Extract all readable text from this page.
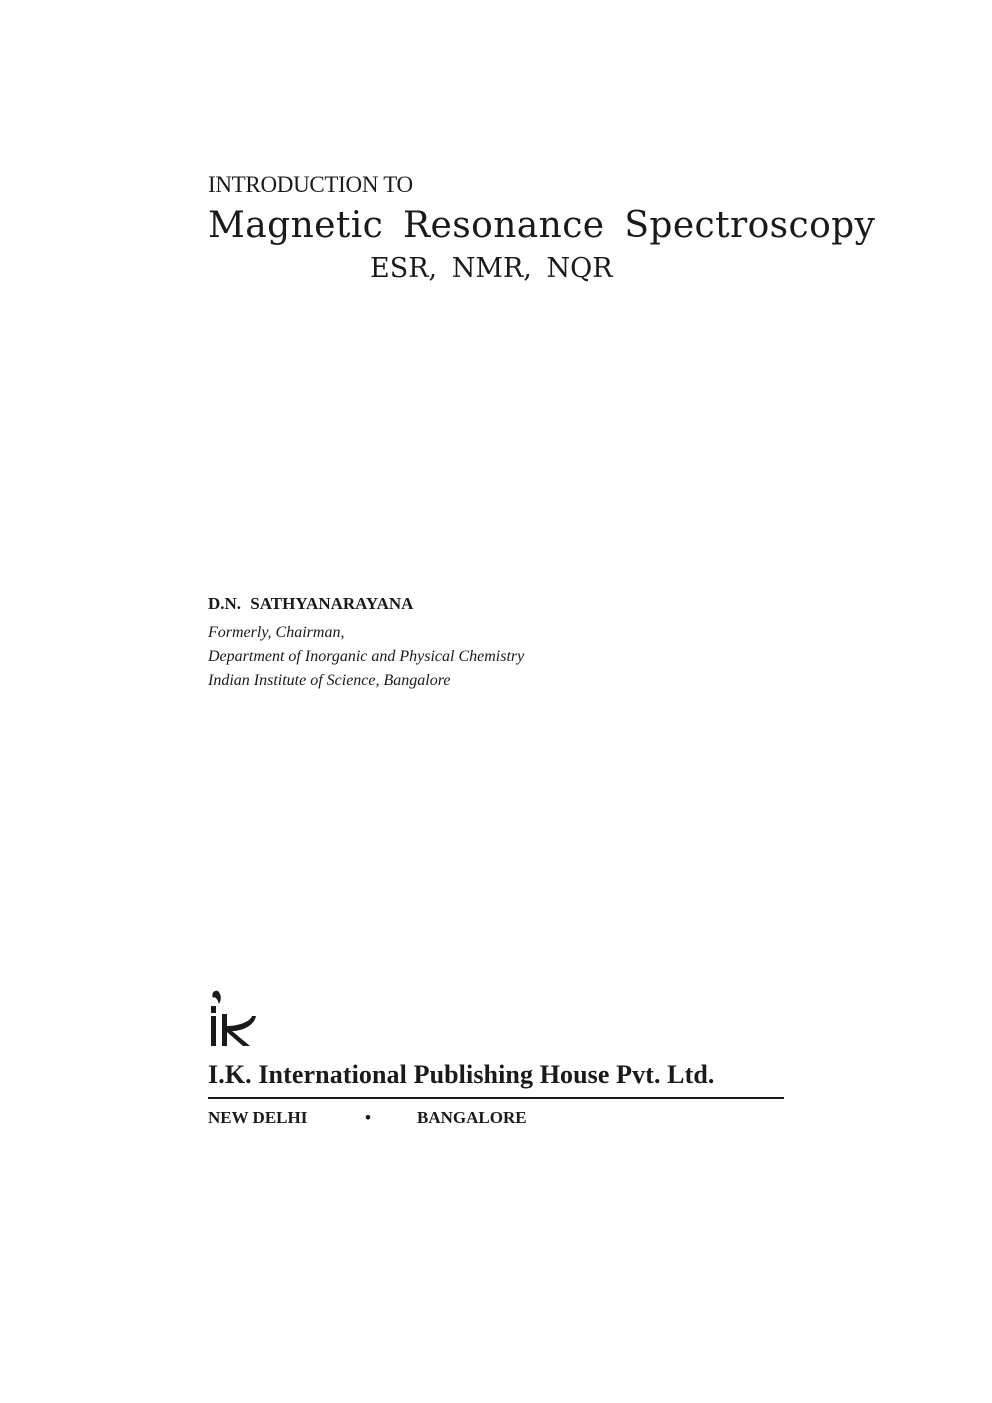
INTRODUCTION TO
Magnetic Resonance Spectroscopy
ESR, NMR, NQR
D.N. SATHYANARAYANA
Formerly, Chairman,
Department of Inorganic and Physical Chemistry
Indian Institute of Science, Bangalore
I.K. International Publishing House Pvt. Ltd.
NEW DELHI	•	BANGALORE
